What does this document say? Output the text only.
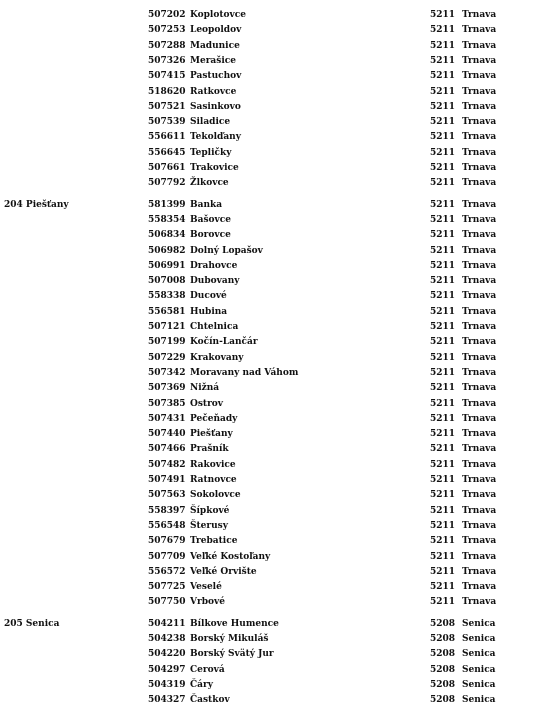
507202 Koplotovce	5211 Trnava
507253 Leopoldov	5211 Trnava
507288 Madunice	5211 Trnava
507326 Merašice	5211 Trnava
507415 Pastuchov	5211 Trnava
518620 Ratkovce	5211 Trnava
507521 Sasinkovo	5211 Trnava
507539 Siladice	5211 Trnava
556611 Tekolďany	5211 Trnava
556645 Tepličky	5211 Trnava
507661 Trakovice	5211 Trnava
507792 Žlkovce	5211 Trnava
204 Piešťany	581399 Banka	5211 Trnava
558354 Bašovce	5211 Trnava
506834 Borovce	5211 Trnava
506982 Dolný Lopašov	5211 Trnava
506991 Drahovce	5211 Trnava
507008 Dubovany	5211 Trnava
558338 Ducové	5211 Trnava
556581 Hubina	5211 Trnava
507121 Chtelnica	5211 Trnava
507199 Kočín-Lančár	5211 Trnava
507229 Krakovany	5211 Trnava
507342 Moravany nad Váhom	5211 Trnava
507369 Nižná	5211 Trnava
507385 Ostrov	5211 Trnava
507431 Pečeňady	5211 Trnava
507440 Piešťany	5211 Trnava
507466 Prašník	5211 Trnava
507482 Rakovice	5211 Trnava
507491 Ratnovce	5211 Trnava
507563 Sokolovce	5211 Trnava
558397 Šípkové	5211 Trnava
556548 Šterusy	5211 Trnava
507679 Trebatice	5211 Trnava
507709 Veľké Kostoľany	5211 Trnava
556572 Veľké Orvište	5211 Trnava
507725 Veselé	5211 Trnava
507750 Vrbové	5211 Trnava
205 Senica	504211 Bílkove Humence	5208 Senica
504238 Borský Mikuláš	5208 Senica
504220 Borský Svätý Jur	5208 Senica
504297 Cerová	5208 Senica
504319 Čáry	5208 Senica
504327 Častkov	5208 Senica
